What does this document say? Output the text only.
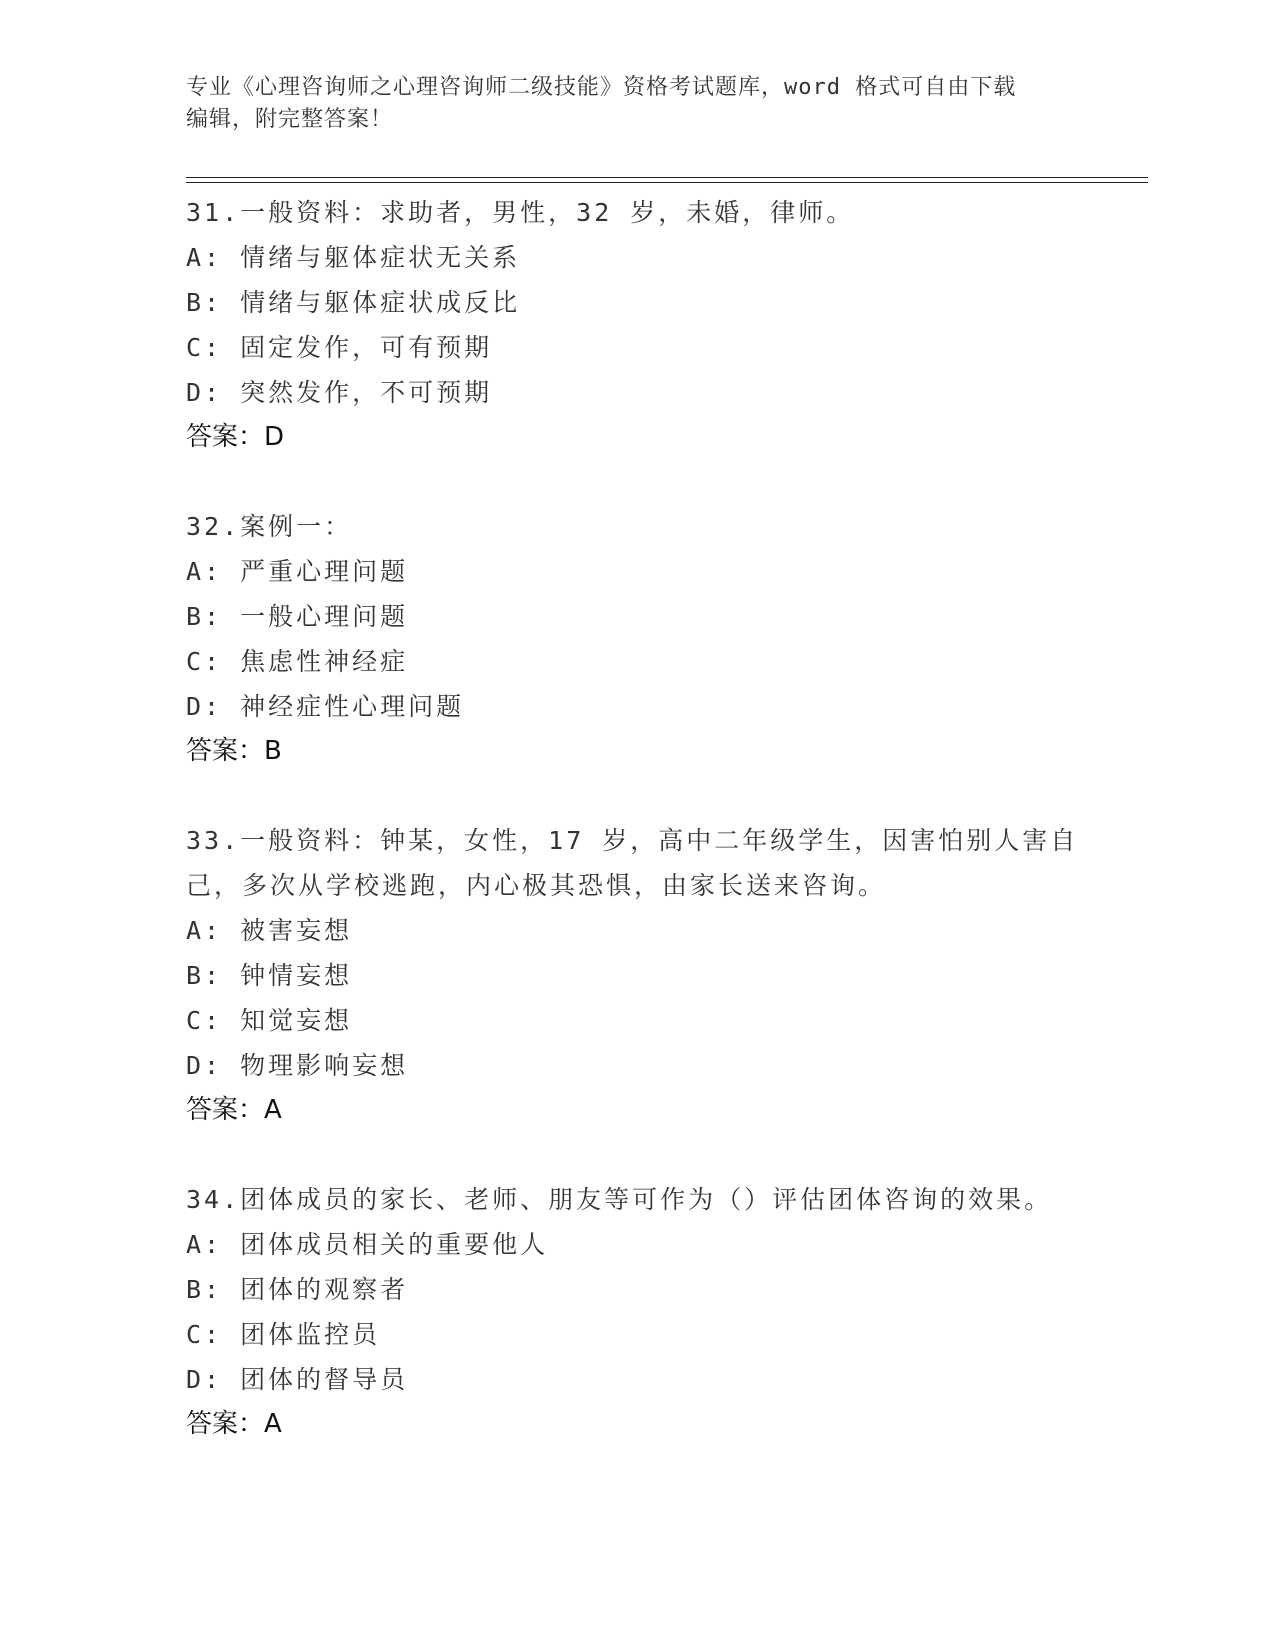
专业《心理咨询师之心理咨询师二级技能》资格考试题库，word 格式可自由下载
编辑，附完整答案！
31.一般资料：求助者，男性，32 岁，未婚，律师。
A: 情绪与躯体症状无关系
B: 情绪与躯体症状成反比
C: 固定发作，可有预期
D: 突然发作，不可预期
答案：D
32.案例一：
A: 严重心理问题
B: 一般心理问题
C: 焦虑性神经症
D: 神经症性心理问题
答案：B
33.一般资料：钟某，女性，17 岁，高中二年级学生，因害怕别人害自
己，多次从学校逃跑，内心极其恐惧，由家长送来咨询。
A: 被害妄想
B: 钟情妄想
C: 知觉妄想
D: 物理影响妄想
答案：A
34.团体成员的家长、老师、朋友等可作为（）评估团体咨询的效果。
A: 团体成员相关的重要他人
B: 团体的观察者
C: 团体监控员
D: 团体的督导员
答案：A
